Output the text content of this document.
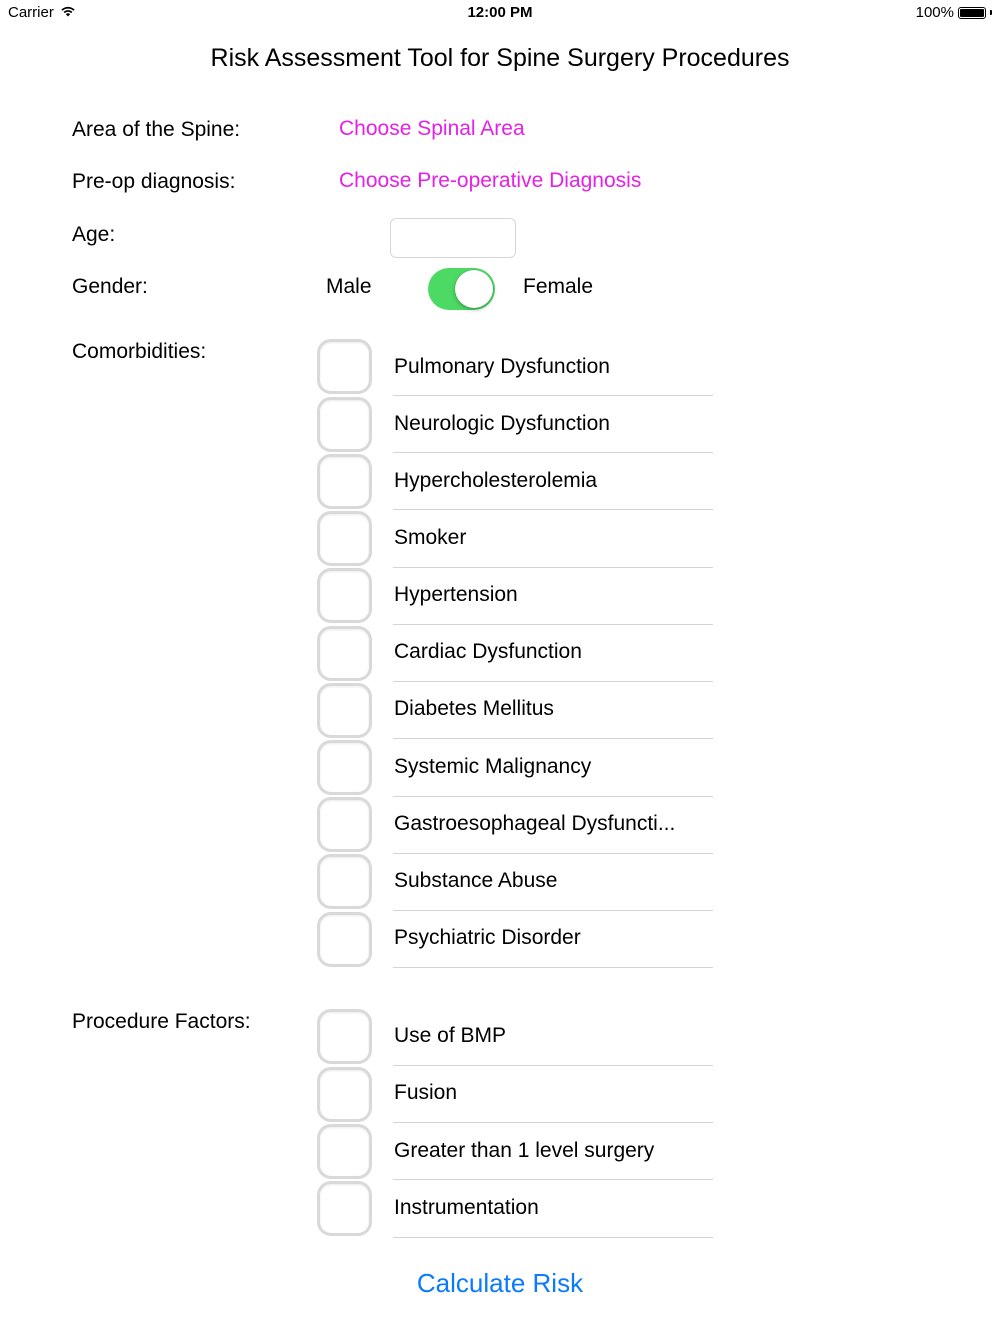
Carrier	12:00 PM	100%
Risk Assessment Tool for Spine Surgery Procedures
Area of the Spine:	Choose Spinal Area
Pre-op diagnosis:	Choose Pre-operative Diagnosis
Age:
Gender:	Male	Female
Comorbidities:
Pulmonary Dysfunction
Neurologic Dysfunction
Hypercholesterolemia
Smoker
Hypertension
Cardiac Dysfunction
Diabetes Mellitus
Systemic Malignancy
Gastroesophageal Dysfuncti...
Substance Abuse
Psychiatric Disorder
Procedure Factors:
Use of BMP
Fusion
Greater than 1 level surgery
Instrumentation
Calculate Risk
